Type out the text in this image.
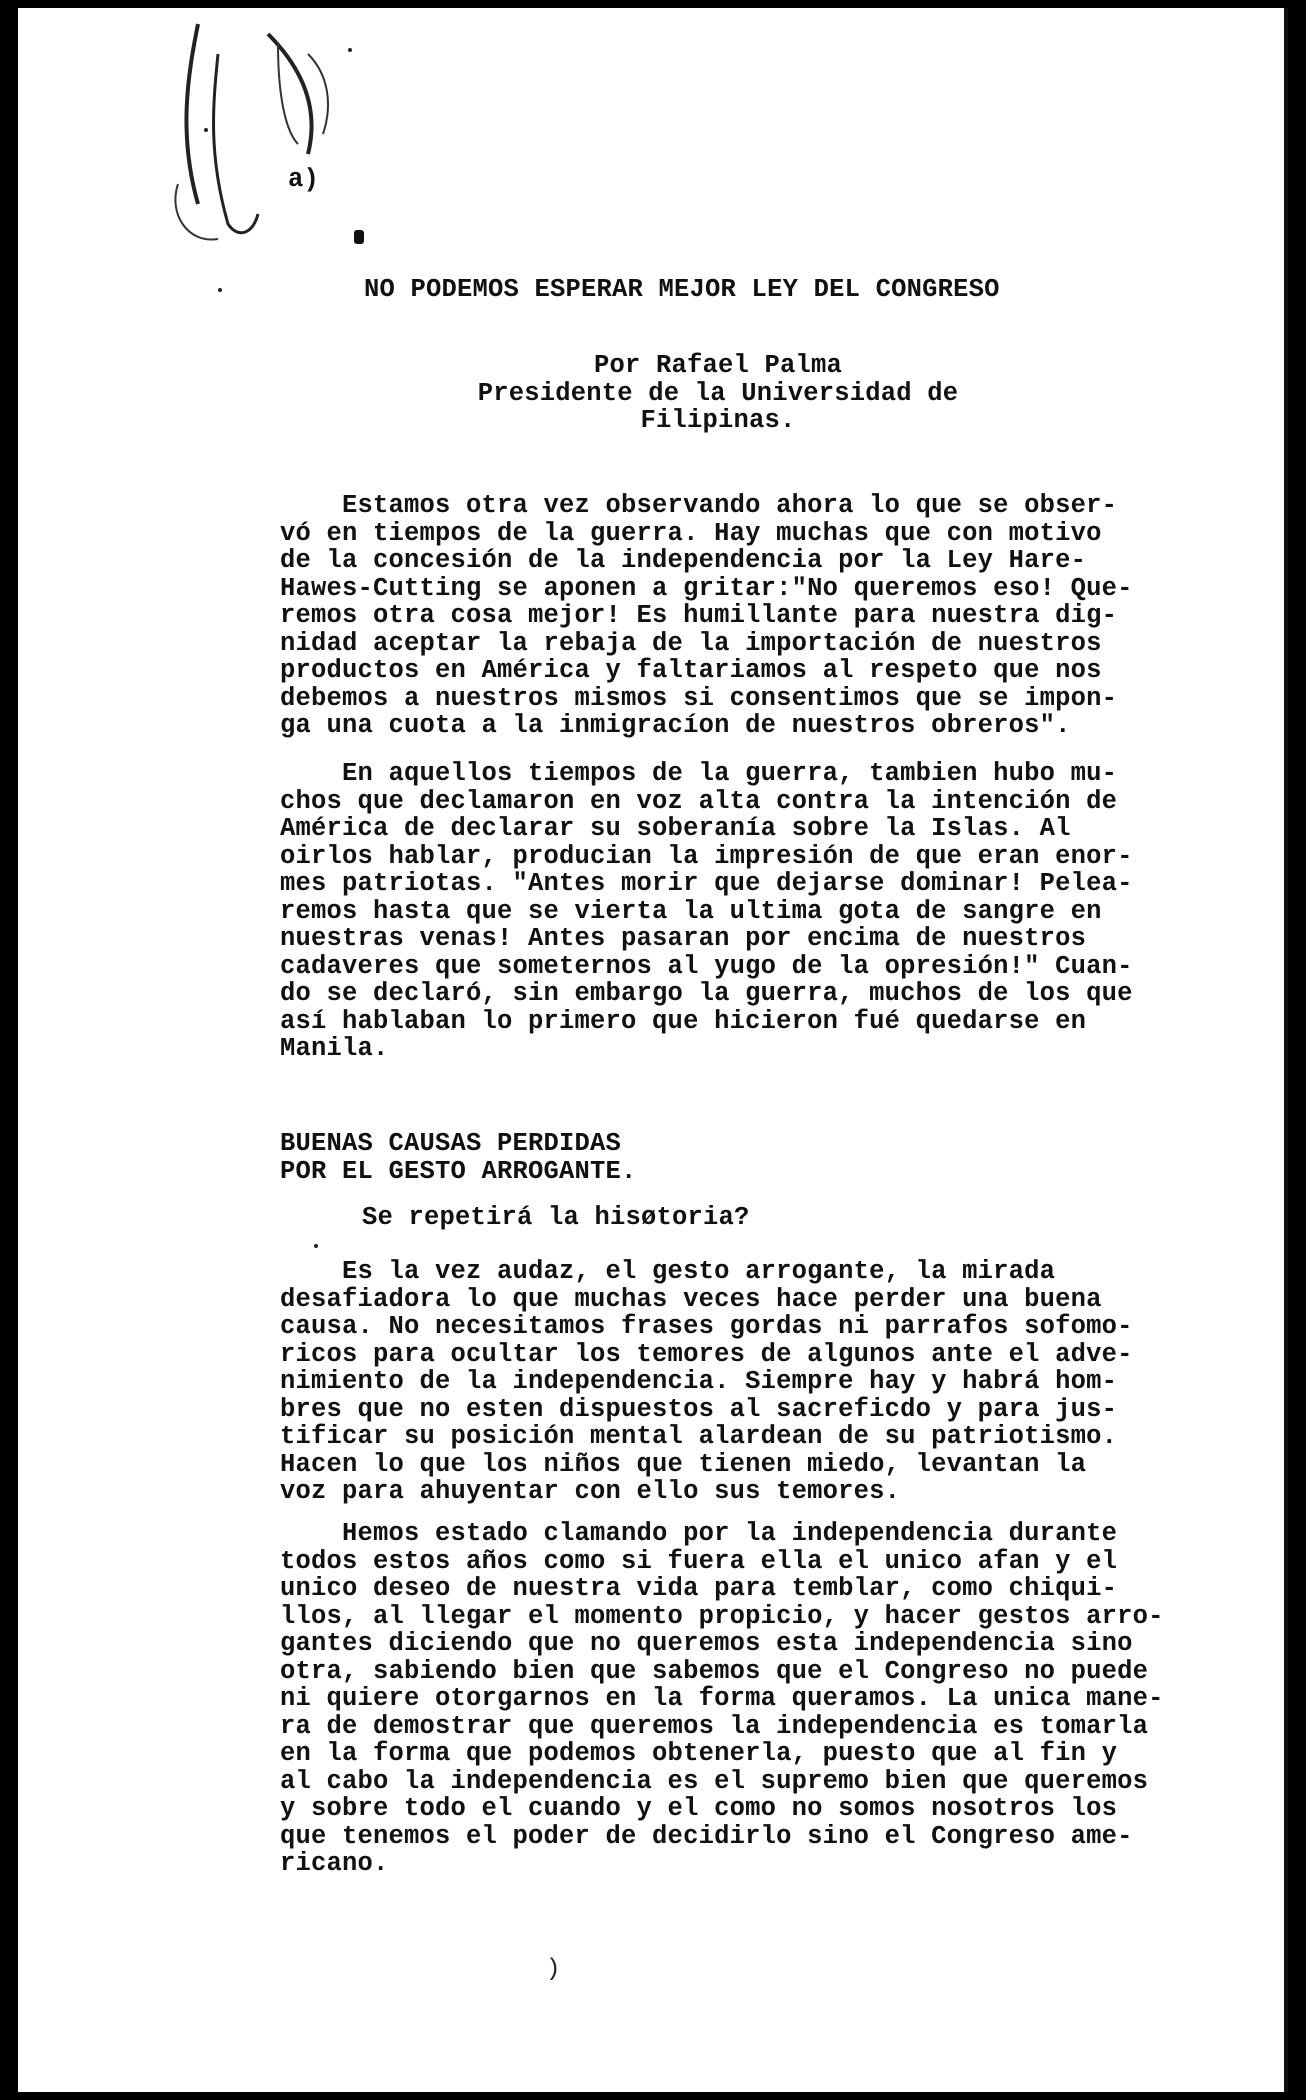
a)
NO PODEMOS ESPERAR MEJOR LEY DEL CONGRESO
Por Rafael Palma
Presidente de la Universidad de
Filipinas.
Estamos otra vez observando ahora lo que se obser-
vó en tiempos de la guerra. Hay muchas que con motivo
de la concesión de la independencia por la Ley Hare-
Hawes-Cutting se aponen a gritar:"No queremos eso! Que-
remos otra cosa mejor! Es humillante para nuestra dig-
nidad aceptar la rebaja de la importación de nuestros
productos en América y faltariamos al respeto que nos
debemos a nuestros mismos si consentimos que se impon-
ga una cuota a la inmigracíon de nuestros obreros".
En aquellos tiempos de la guerra, tambien hubo mu-
chos que declamaron en voz alta contra la intención de
América de declarar su soberanía sobre la Islas. Al
oirlos hablar, producian la impresión de que eran enor-
mes patriotas. "Antes morir que dejarse dominar! Pelea-
remos hasta que se vierta la ultima gota de sangre en
nuestras venas! Antes pasaran por encima de nuestros
cadaveres que someternos al yugo de la opresión!" Cuan-
do se declaró, sin embargo la guerra, muchos de los que
así hablaban lo primero que hicieron fué quedarse en
Manila.
BUENAS CAUSAS PERDIDAS
POR EL GESTO ARROGANTE.
Se repetirá la hisøtoria?
Es la vez audaz, el gesto arrogante, la mirada
desafiadora lo que muchas veces hace perder una buena
causa. No necesitamos frases gordas ni parrafos sofomo-
ricos para ocultar los temores de algunos ante el adve-
nimiento de la independencia. Siempre hay y habrá hom-
bres que no esten dispuestos al sacreficdo y para jus-
tificar su posición mental alardean de su patriotismo.
Hacen lo que los niños que tienen miedo, levantan la
voz para ahuyentar con ello sus temores.
Hemos estado clamando por la independencia durante
todos estos años como si fuera ella el unico afan y el
unico deseo de nuestra vida para temblar, como chiqui-
llos, al llegar el momento propicio, y hacer gestos arro-
gantes diciendo que no queremos esta independencia sino
otra, sabiendo bien que sabemos que el Congreso no puede
ni quiere otorgarnos en la forma queramos. La unica mane-
ra de demostrar que queremos la independencia es tomarla
en la forma que podemos obtenerla, puesto que al fin y
al cabo la independencia es el supremo bien que queremos
y sobre todo el cuando y el como no somos nosotros los
que tenemos el poder de decidirlo sino el Congreso ame-
ricano.
)
